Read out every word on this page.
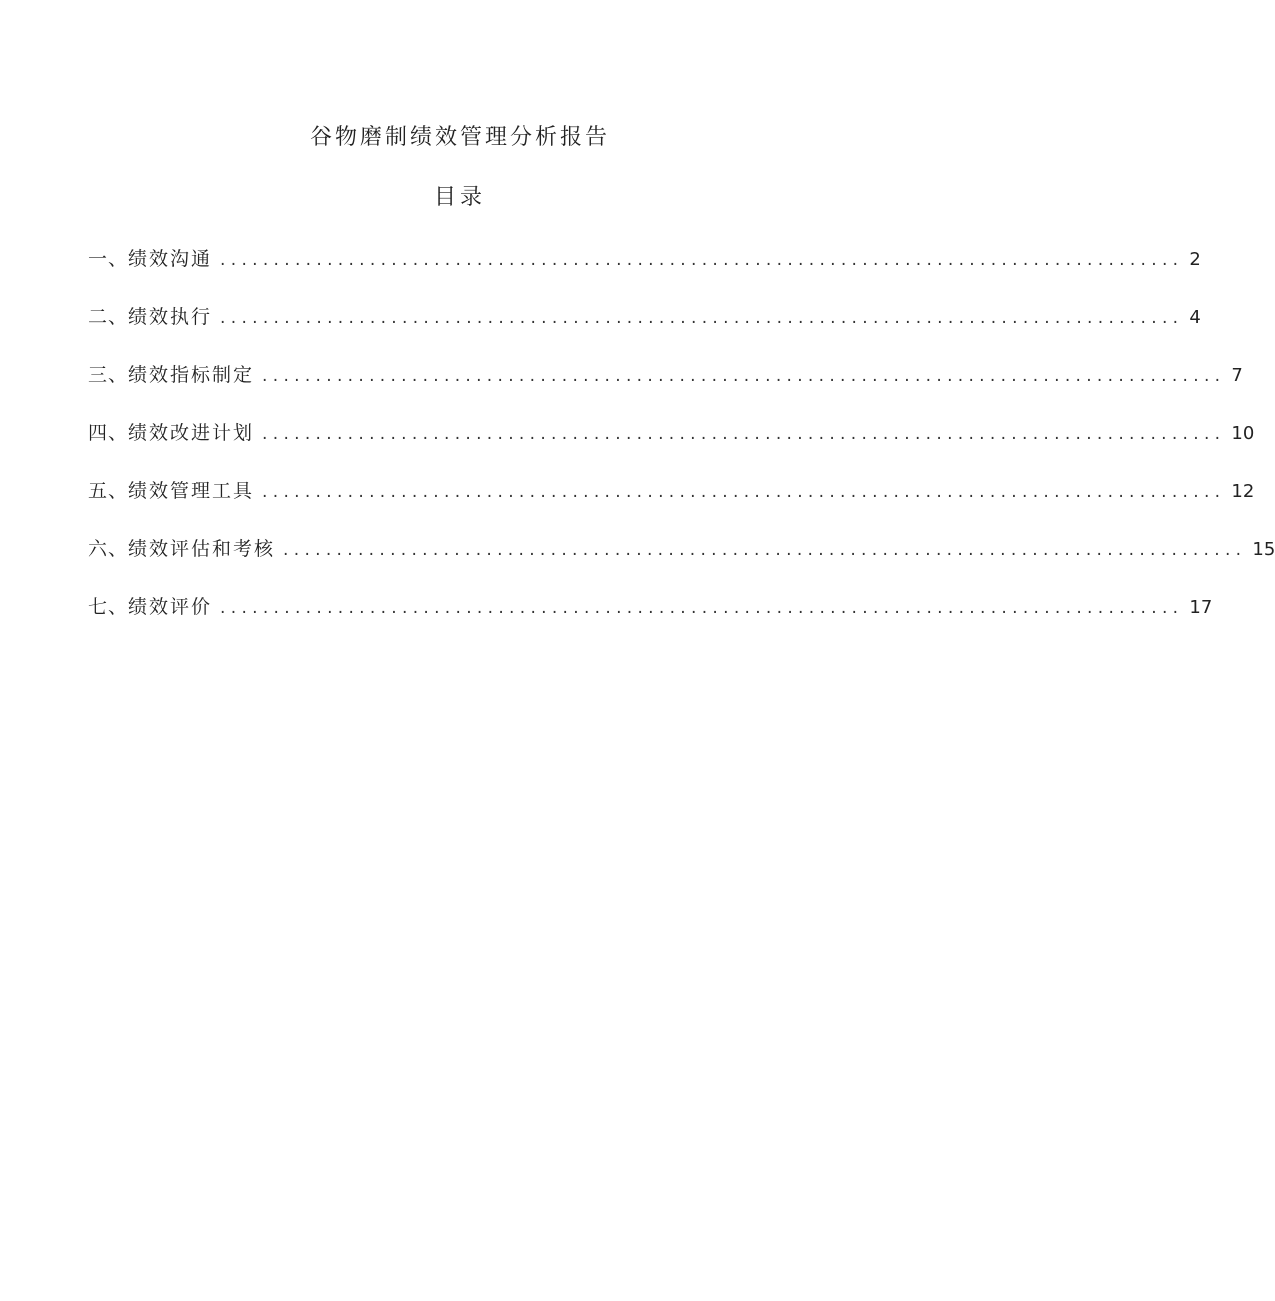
谷物磨制绩效管理分析报告
目录
一、 绩效沟通 .......................................................................................... 2
二、 绩效执行 .......................................................................................... 4
三、 绩效指标制定 .......................................................................................... 7
四、 绩效改进计划 .......................................................................................... 10
五、 绩效管理工具 .......................................................................................... 12
六、 绩效评估和考核 .......................................................................................... 15
七、 绩效评价 .......................................................................................... 17
